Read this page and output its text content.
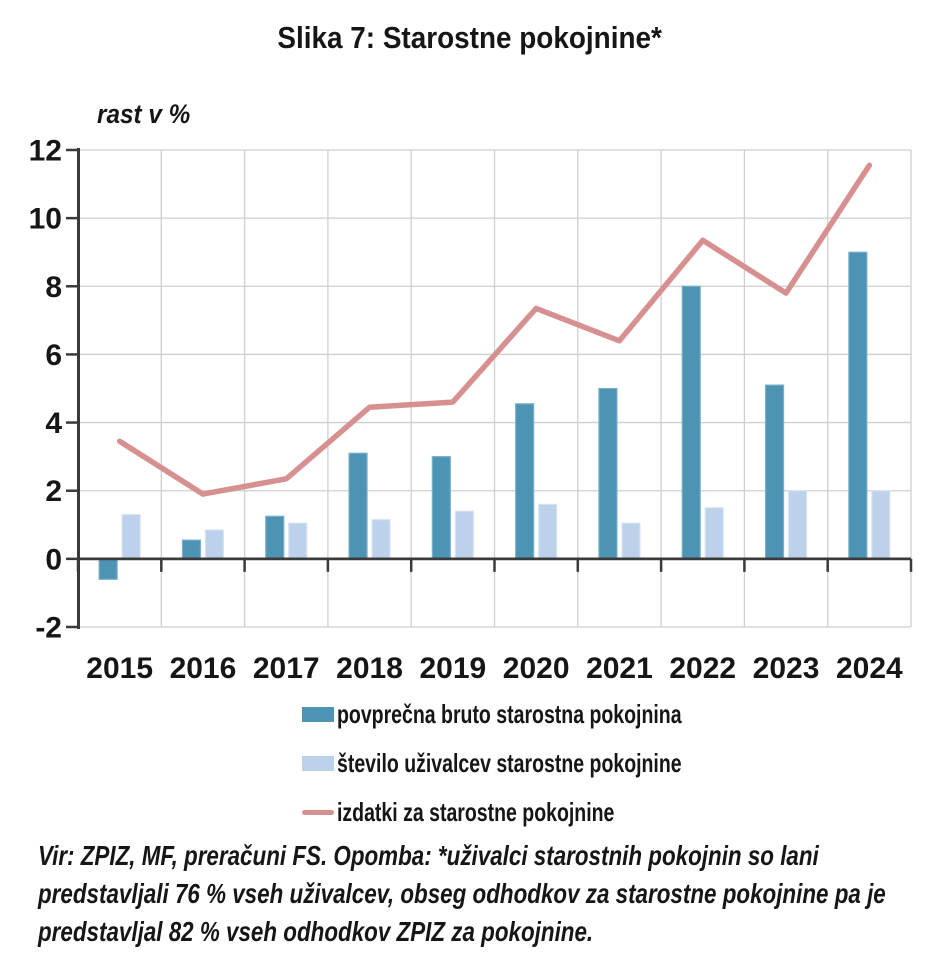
Slika 7: Starostne pokojnine*
rast v %
-2
0
2
4
6
8
10
12
2015 2016 2017 2018 2019 2020 2021 2022 2023 2024
povprečna bruto starostna pokojnina
število uživalcev starostne pokojnine
izdatki za starostne pokojnine
Vir: ZPIZ, MF, preračuni FS. Opomba: *uživalci starostnih pokojnin so lani predstavljali 76 % vseh uživalcev, obseg odhodkov za starostne pokojnine pa je predstavljal 82 % vseh odhodkov ZPIZ za pokojnine.
